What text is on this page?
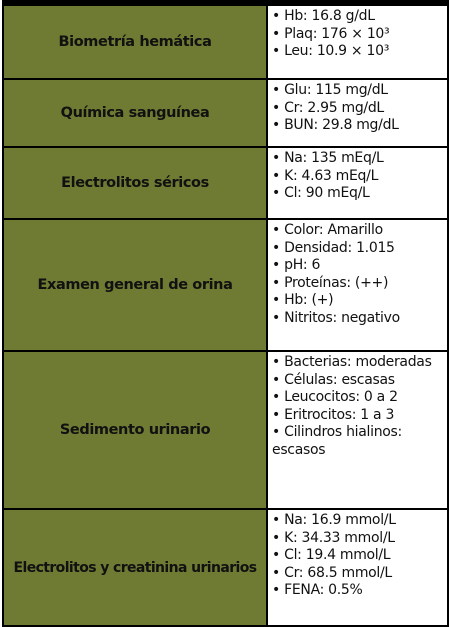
Biometría hemática
• Hb: 16.8 g/dL
• Plaq: 176 × 10³
• Leu: 10.9 × 10³
Química sanguínea
• Glu: 115 mg/dL
• Cr: 2.95 mg/dL
• BUN: 29.8 mg/dL
Electrolitos séricos
• Na: 135 mEq/L
• K: 4.63 mEq/L
• Cl: 90 mEq/L
Examen general de orina
• Color: Amarillo
• Densidad: 1.015
• pH: 6
• Proteínas: (++)
• Hb: (+)
• Nitritos: negativo
Sedimento urinario
• Bacterias: moderadas
• Células: escasas
• Leucocitos: 0 a 2
• Eritrocitos: 1 a 3
• Cilindros hialinos: escasos
Electrolitos y creatinina urinarios
• Na: 16.9 mmol/L
• K: 34.33 mmol/L
• Cl: 19.4 mmol/L
• Cr: 68.5 mmol/L
• FENA: 0.5%
